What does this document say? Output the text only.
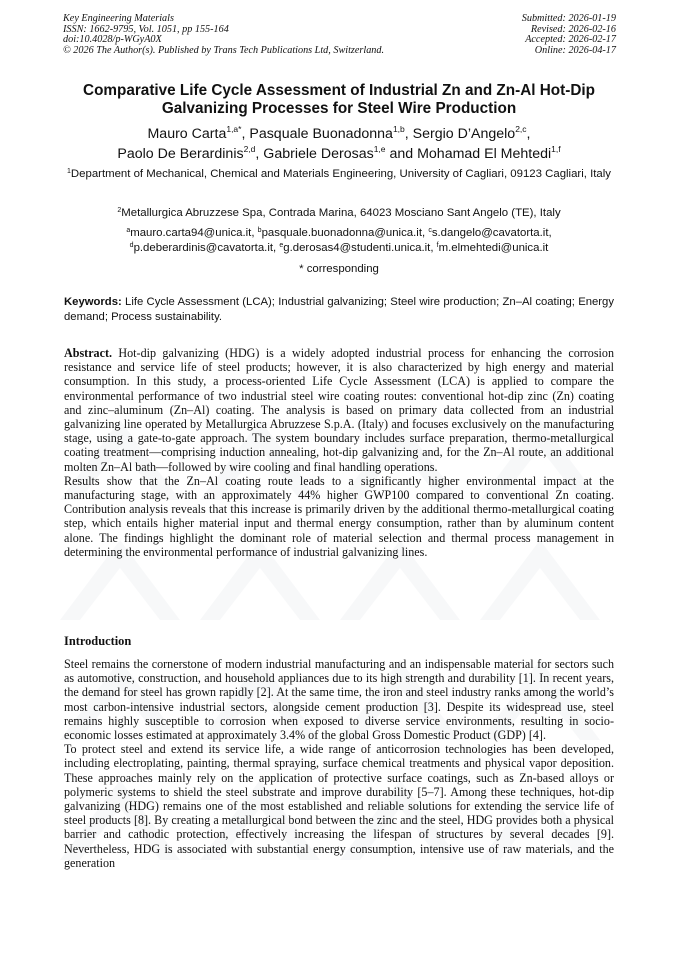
Key Engineering Materials
ISSN: 1662-9795, Vol. 1051, pp 155-164
doi:10.4028/p-WGyA0X
© 2026 The Author(s). Published by Trans Tech Publications Ltd, Switzerland.
Submitted: 2026-01-19
Revised: 2026-02-16
Accepted: 2026-02-17
Online: 2026-04-17
Comparative Life Cycle Assessment of Industrial Zn and Zn-Al Hot-Dip
Galvanizing Processes for Steel Wire Production
Mauro Carta$^{1,a*}$, Pasquale Buonadonna$^{1,b}$, Sergio D’Angelo$^{2,c}$,
Paolo De Berardinis$^{2,d}$, Gabriele Derosas$^{1,e}$ and Mohamad El Mehtedi$^{1,f}$
$^1$Department of Mechanical, Chemical and Materials Engineering, University of Cagliari, 09123 Cagliari, Italy
$^2$Metallurgica Abruzzese Spa, Contrada Marina, 64023 Mosciano Sant Angelo (TE), Italy
$^a$mauro.carta94@unica.it, $^b$pasquale.buonadonna@unica.it, $^c$s.dangelo@cavatorta.it,
$^d$p.deberardinis@cavatorta.it, $^e$g.derosas4@studenti.unica.it, $^f$m.elmehtedi@unica.it
* corresponding
Keywords: Life Cycle Assessment (LCA); Industrial galvanizing; Steel wire production; Zn–Al coating; Energy demand; Process sustainability.

Abstract. Hot-dip galvanizing (HDG) is a widely adopted industrial process for enhancing the corrosion resistance and service life of steel products; however, it is also characterized by high energy and material consumption. In this study, a process-oriented Life Cycle Assessment (LCA) is applied to compare the environmental performance of two industrial steel wire coating routes: conventional hot-dip zinc (Zn) coating and zinc–aluminum (Zn–Al) coating. The analysis is based on primary data collected from an industrial galvanizing line operated by Metallurgica Abruzzese S.p.A. (Italy) and focuses exclusively on the manufacturing stage, using a gate-to-gate approach. The system boundary includes surface preparation, thermo-metallurgical coating treatment—comprising induction annealing, hot-dip galvanizing and, for the Zn–Al route, an additional molten Zn–Al bath—followed by wire cooling and final handling operations.

Results show that the Zn–Al coating route leads to a significantly higher environmental impact at the manufacturing stage, with an approximately 44% higher GWP100 compared to conventional Zn coating. Contribution analysis reveals that this increase is primarily driven by the additional thermo-metallurgical coating step, which entails higher material input and thermal energy consumption, rather than by aluminum content alone. The findings highlight the dominant role of material selection and thermal process management in determining the environmental performance of industrial galvanizing lines.

Introduction

Steel remains the cornerstone of modern industrial manufacturing and an indispensable material for sectors such as automotive, construction, and household appliances due to its high strength and durability [1]. In recent years, the demand for steel has grown rapidly [2]. At the same time, the iron and steel industry ranks among the world’s most carbon-intensive industrial sectors, alongside cement production [3]. Despite its widespread use, steel remains highly susceptible to corrosion when exposed to diverse service environments, resulting in socio-economic losses estimated at approximately 3.4% of the global Gross Domestic Product (GDP) [4].

To protect steel and extend its service life, a wide range of anticorrosion technologies has been developed, including electroplating, painting, thermal spraying, surface chemical treatments and physical vapor deposition. These approaches mainly rely on the application of protective surface coatings, such as Zn-based alloys or polymeric systems to shield the steel substrate and improve durability [5–7]. Among these techniques, hot-dip galvanizing (HDG) remains one of the most established and reliable solutions for extending the service life of steel products [8]. By creating a metallurgical bond between the zinc and the steel, HDG provides both a physical barrier and cathodic protection, effectively increasing the lifespan of structures by several decades [9]. Nevertheless, HDG is associated with substantial energy consumption, intensive use of raw materials, and the generation
